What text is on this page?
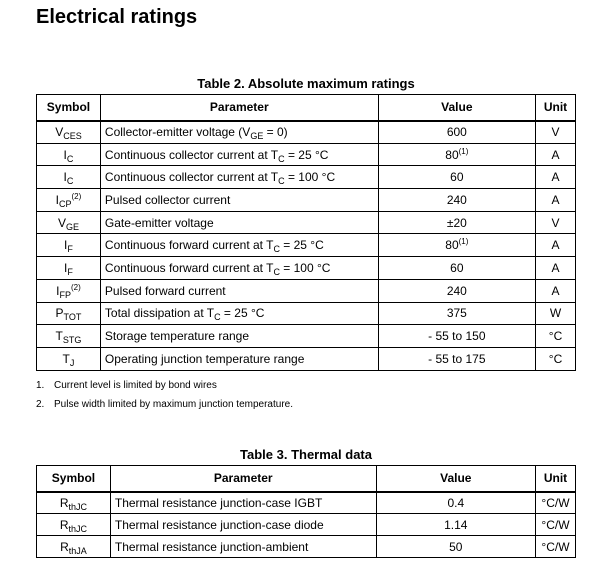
Electrical ratings
Table 2. Absolute maximum ratings
Symbol	Parameter	Value	Unit
$V_{CES}$	Collector-emitter voltage $(V_{GE} = 0)$	600	V
$I_C$	Continuous collector current at $T_C = 25$ °C	80$^{(1)}$	A
$I_C$	Continuous collector current at $T_C = 100$ °C	60	A
$I_{CP}^{(2)}$	Pulsed collector current	240	A
$V_{GE}$	Gate-emitter voltage	±20	V
$I_F$	Continuous forward current at $T_C = 25$ °C	80$^{(1)}$	A
$I_F$	Continuous forward current at $T_C = 100$ °C	60	A
$I_{FP}^{(2)}$	Pulsed forward current	240	A
$P_{TOT}$	Total dissipation at $T_C = 25$ °C	375	W
$T_{STG}$	Storage temperature range	- 55 to 150	°C
$T_J$	Operating junction temperature range	- 55 to 175	°C
1. Current level is limited by bond wires
2. Pulse width limited by maximum junction temperature.
Table 3. Thermal data
Symbol	Parameter	Value	Unit
$R_{thJC}$	Thermal resistance junction-case IGBT	0.4	°C/W
$R_{thJC}$	Thermal resistance junction-case diode	1.14	°C/W
$R_{thJA}$	Thermal resistance junction-ambient	50	°C/W
